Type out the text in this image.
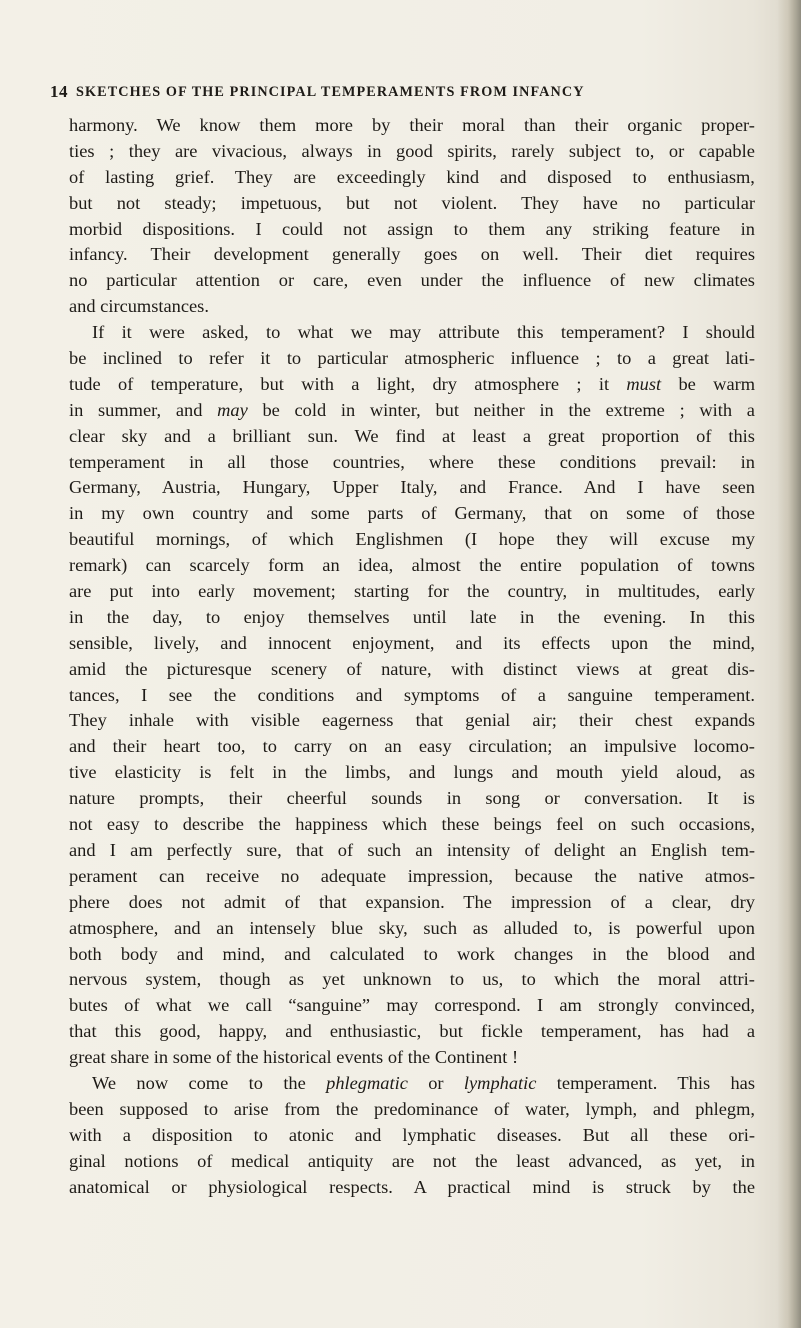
14 SKETCHES OF THE PRINCIPAL TEMPERAMENTS FROM INFANCY
harmony. We know them more by their moral than their organic proper-
ties ; they are vivacious, always in good spirits, rarely subject to, or capable
of lasting grief. They are exceedingly kind and disposed to enthusiasm,
but not steady; impetuous, but not violent. They have no particular
morbid dispositions. I could not assign to them any striking feature in
infancy. Their development generally goes on well. Their diet requires
no particular attention or care, even under the influence of new climates
and circumstances.
If it were asked, to what we may attribute this temperament? I should
be inclined to refer it to particular atmospheric influence ; to a great lati-
tude of temperature, but with a light, dry atmosphere ; it must be warm
in summer, and may be cold in winter, but neither in the extreme ; with a
clear sky and a brilliant sun. We find at least a great proportion of this
temperament in all those countries, where these conditions prevail: in
Germany, Austria, Hungary, Upper Italy, and France. And I have seen
in my own country and some parts of Germany, that on some of those
beautiful mornings, of which Englishmen (I hope they will excuse my
remark) can scarcely form an idea, almost the entire population of towns
are put into early movement; starting for the country, in multitudes, early
in the day, to enjoy themselves until late in the evening. In this
sensible, lively, and innocent enjoyment, and its effects upon the mind,
amid the picturesque scenery of nature, with distinct views at great dis-
tances, I see the conditions and symptoms of a sanguine temperament.
They inhale with visible eagerness that genial air; their chest expands
and their heart too, to carry on an easy circulation; an impulsive locomo-
tive elasticity is felt in the limbs, and lungs and mouth yield aloud, as
nature prompts, their cheerful sounds in song or conversation. It is
not easy to describe the happiness which these beings feel on such occasions,
and I am perfectly sure, that of such an intensity of delight an English tem-
perament can receive no adequate impression, because the native atmos-
phere does not admit of that expansion. The impression of a clear, dry
atmosphere, and an intensely blue sky, such as alluded to, is powerful upon
both body and mind, and calculated to work changes in the blood and
nervous system, though as yet unknown to us, to which the moral attri-
butes of what we call “sanguine” may correspond. I am strongly convinced,
that this good, happy, and enthusiastic, but fickle temperament, has had a
great share in some of the historical events of the Continent !
We now come to the phlegmatic or lymphatic temperament. This has
been supposed to arise from the predominance of water, lymph, and phlegm,
with a disposition to atonic and lymphatic diseases. But all these ori-
ginal notions of medical antiquity are not the least advanced, as yet, in
anatomical or physiological respects. A practical mind is struck by the
